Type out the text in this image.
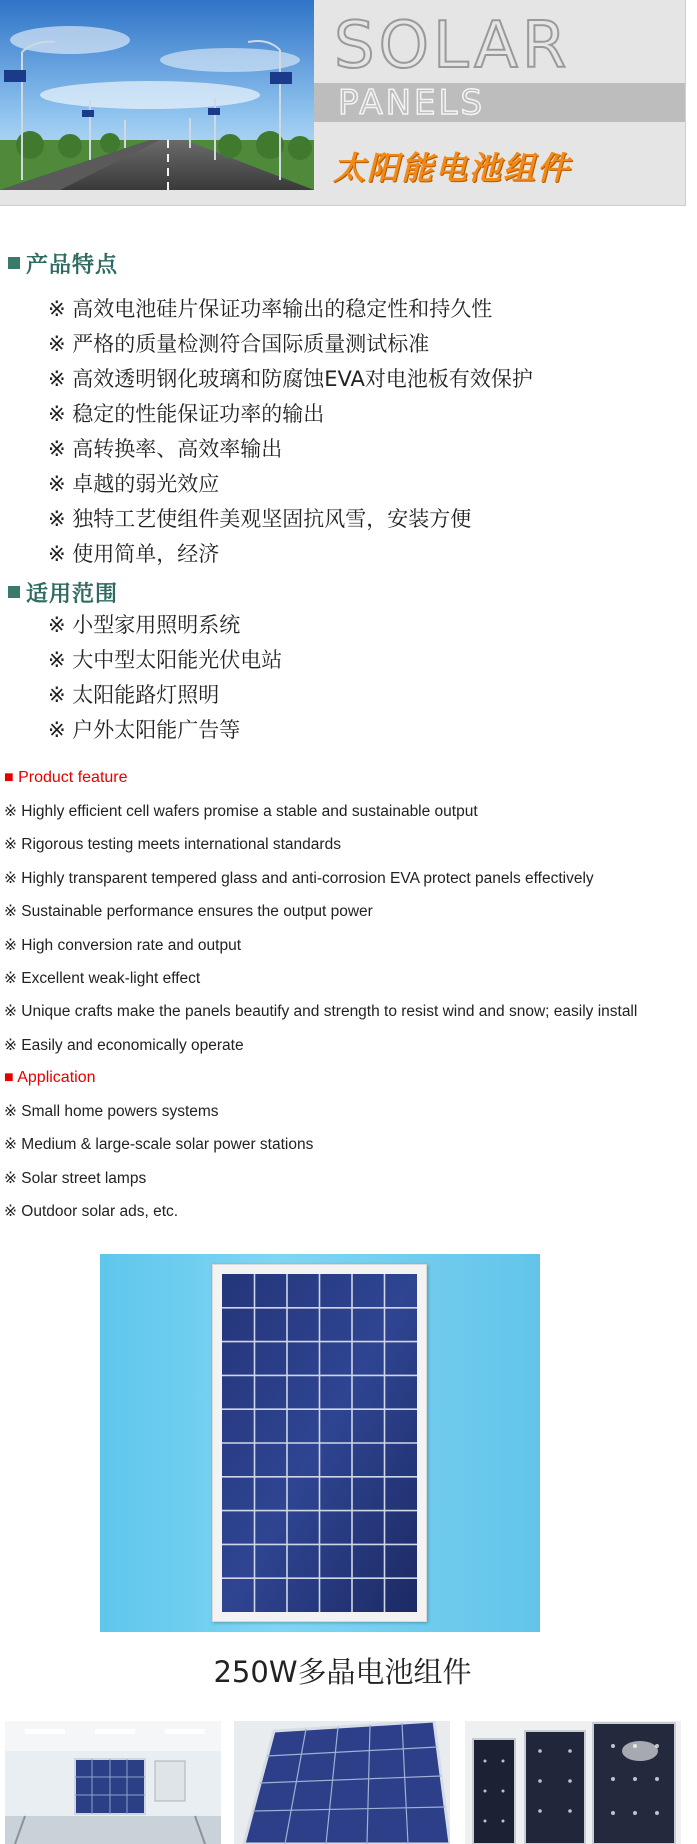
SOLAR
PANELS
太阳能电池组件
产品特点
※ 高效电池硅片保证功率输出的稳定性和持久性
※ 严格的质量检测符合国际质量测试标准
※ 高效透明钢化玻璃和防腐蚀EVA对电池板有效保护
※ 稳定的性能保证功率的输出
※ 高转换率、高效率输出
※ 卓越的弱光效应
※ 独特工艺使组件美观坚固抗风雪，安装方便
※ 使用简单，经济
适用范围
※ 小型家用照明系统
※ 大中型太阳能光伏电站
※ 太阳能路灯照明
※ 户外太阳能广告等
■ Product feature
※ Highly efficient cell wafers promise a stable and sustainable output
※ Rigorous testing meets international standards
※ Highly transparent tempered glass and anti-corrosion EVA protect panels effectively
※ Sustainable performance ensures the output power
※ High conversion rate and output
※ Excellent weak-light effect
※ Unique crafts make the panels beautify and strength to resist wind and snow; easily install
※ Easily and economically operate
■ Application
※ Small home powers systems
※ Medium & large-scale solar power stations
※ Solar street lamps
※ Outdoor solar ads, etc.
250W多晶电池组件
